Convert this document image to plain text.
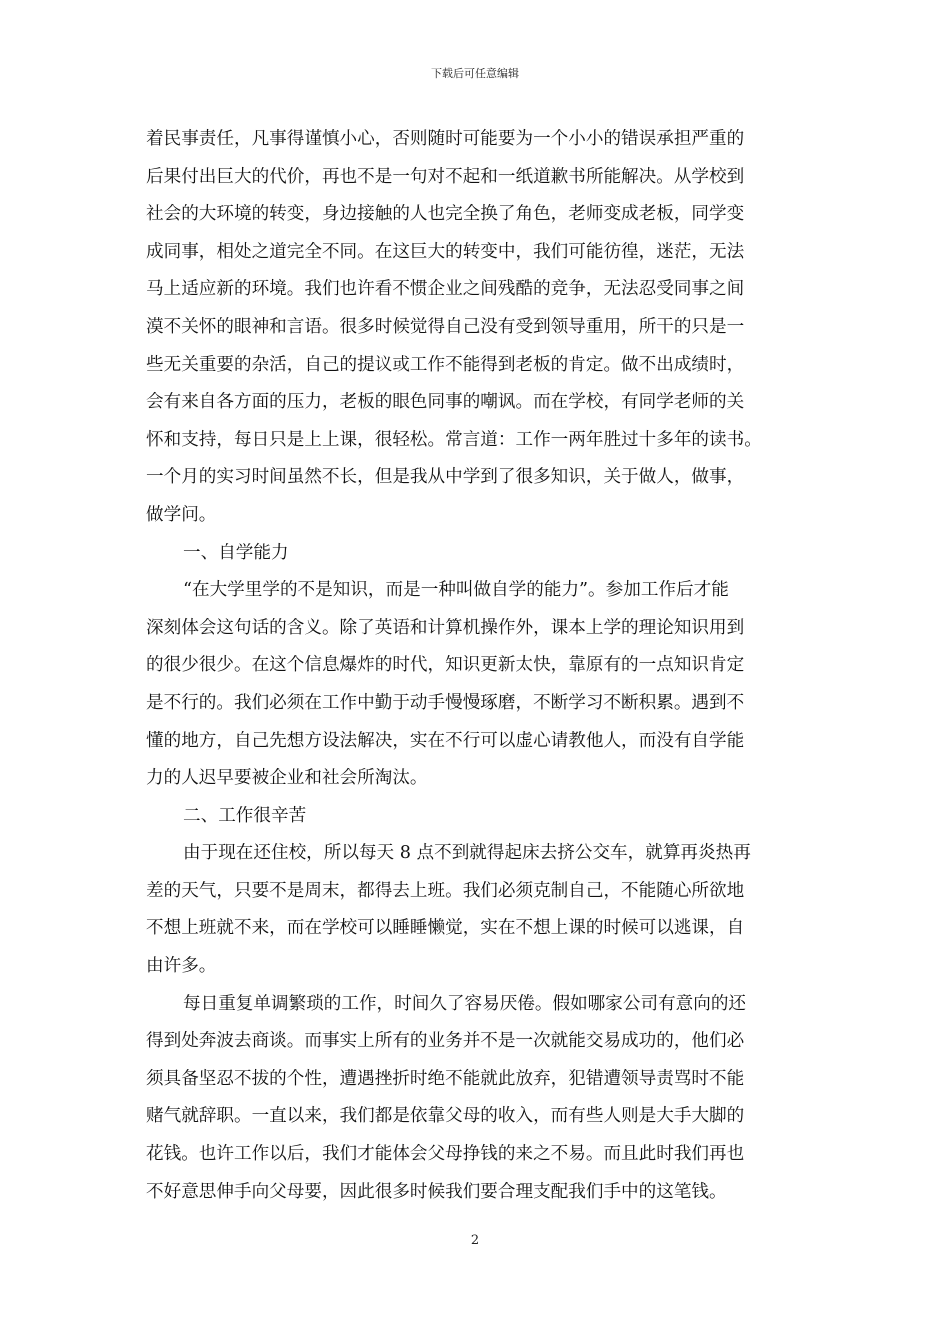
下载后可任意编辑
着民事责任，凡事得谨慎小心，否则随时可能要为一个小小的错误承担严重的
后果付出巨大的代价，再也不是一句对不起和一纸道歉书所能解决。从学校到
社会的大环境的转变，身边接触的人也完全换了角色，老师变成老板，同学变
成同事，相处之道完全不同。在这巨大的转变中，我们可能彷徨，迷茫，无法
马上适应新的环境。我们也许看不惯企业之间残酷的竞争，无法忍受同事之间
漠不关怀的眼神和言语。很多时候觉得自己没有受到领导重用，所干的只是一
些无关重要的杂活，自己的提议或工作不能得到老板的肯定。做不出成绩时，
会有来自各方面的压力，老板的眼色同事的嘲讽。而在学校，有同学老师的关
怀和支持，每日只是上上课，很轻松。常言道：工作一两年胜过十多年的读书。
一个月的实习时间虽然不长，但是我从中学到了很多知识，关于做人，做事，
做学问。
一、自学能力
“在大学里学的不是知识，而是一种叫做自学的能力”。参加工作后才能
深刻体会这句话的含义。除了英语和计算机操作外，课本上学的理论知识用到
的很少很少。在这个信息爆炸的时代，知识更新太快，靠原有的一点知识肯定
是不行的。我们必须在工作中勤于动手慢慢琢磨，不断学习不断积累。遇到不
懂的地方，自己先想方设法解决，实在不行可以虚心请教他人，而没有自学能
力的人迟早要被企业和社会所淘汰。
二、工作很辛苦
由于现在还住校，所以每天 8 点不到就得起床去挤公交车，就算再炎热再
差的天气，只要不是周末，都得去上班。我们必须克制自己，不能随心所欲地
不想上班就不来，而在学校可以睡睡懒觉，实在不想上课的时候可以逃课，自
由许多。
每日重复单调繁琐的工作，时间久了容易厌倦。假如哪家公司有意向的还
得到处奔波去商谈。而事实上所有的业务并不是一次就能交易成功的，他们必
须具备坚忍不拔的个性，遭遇挫折时绝不能就此放弃，犯错遭领导责骂时不能
赌气就辞职。一直以来，我们都是依靠父母的收入，而有些人则是大手大脚的
花钱。也许工作以后，我们才能体会父母挣钱的来之不易。而且此时我们再也
不好意思伸手向父母要，因此很多时候我们要合理支配我们手中的这笔钱。
2
